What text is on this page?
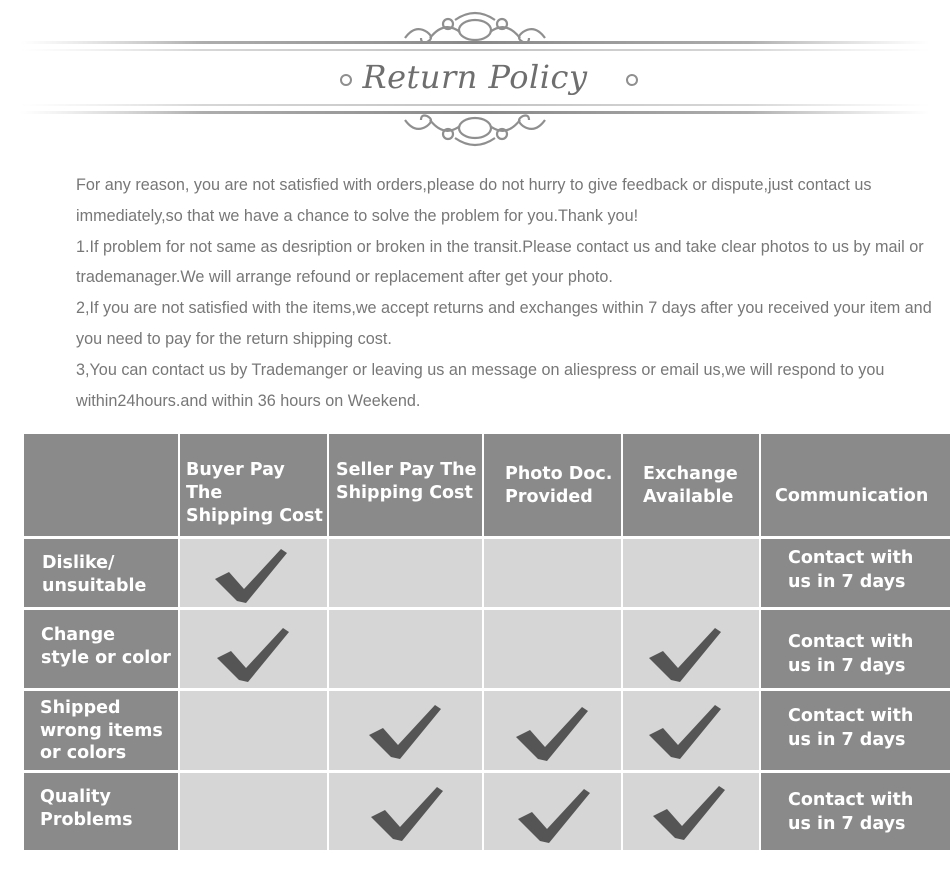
Return Policy

For any reason, you are not satisfied with orders,please do not hurry to give feedback or dispute,just contact us immediately,so that we have a chance to solve the problem for you.Thank you!

1.If problem for not same as desription or broken in the transit.Please contact us and take clear photos to us by mail or trademanager.We will arrange refound or replacement after get your photo.

2,If you are not satisfied with the items,we accept returns and exchanges within 7 days after you received your item and you need to pay for the return shipping cost.

3,You can contact us by Trademanger or leaving us an message on aliespress or email us,we will respond to you within24hours.and within 36 hours on Weekend.

Buyer Pay The
Shipping Cost
Seller Pay The
Shipping Cost
Photo Doc.
Provided
Exchange
Available Communication
Dislike/
unsuitable
Contact with
us in 7 days
Change
style or color
Contact with
us in 7 days
Shipped
wrong items
or colors
Contact with
us in 7 days
Quality
Problems
Contact with
us in 7 days
